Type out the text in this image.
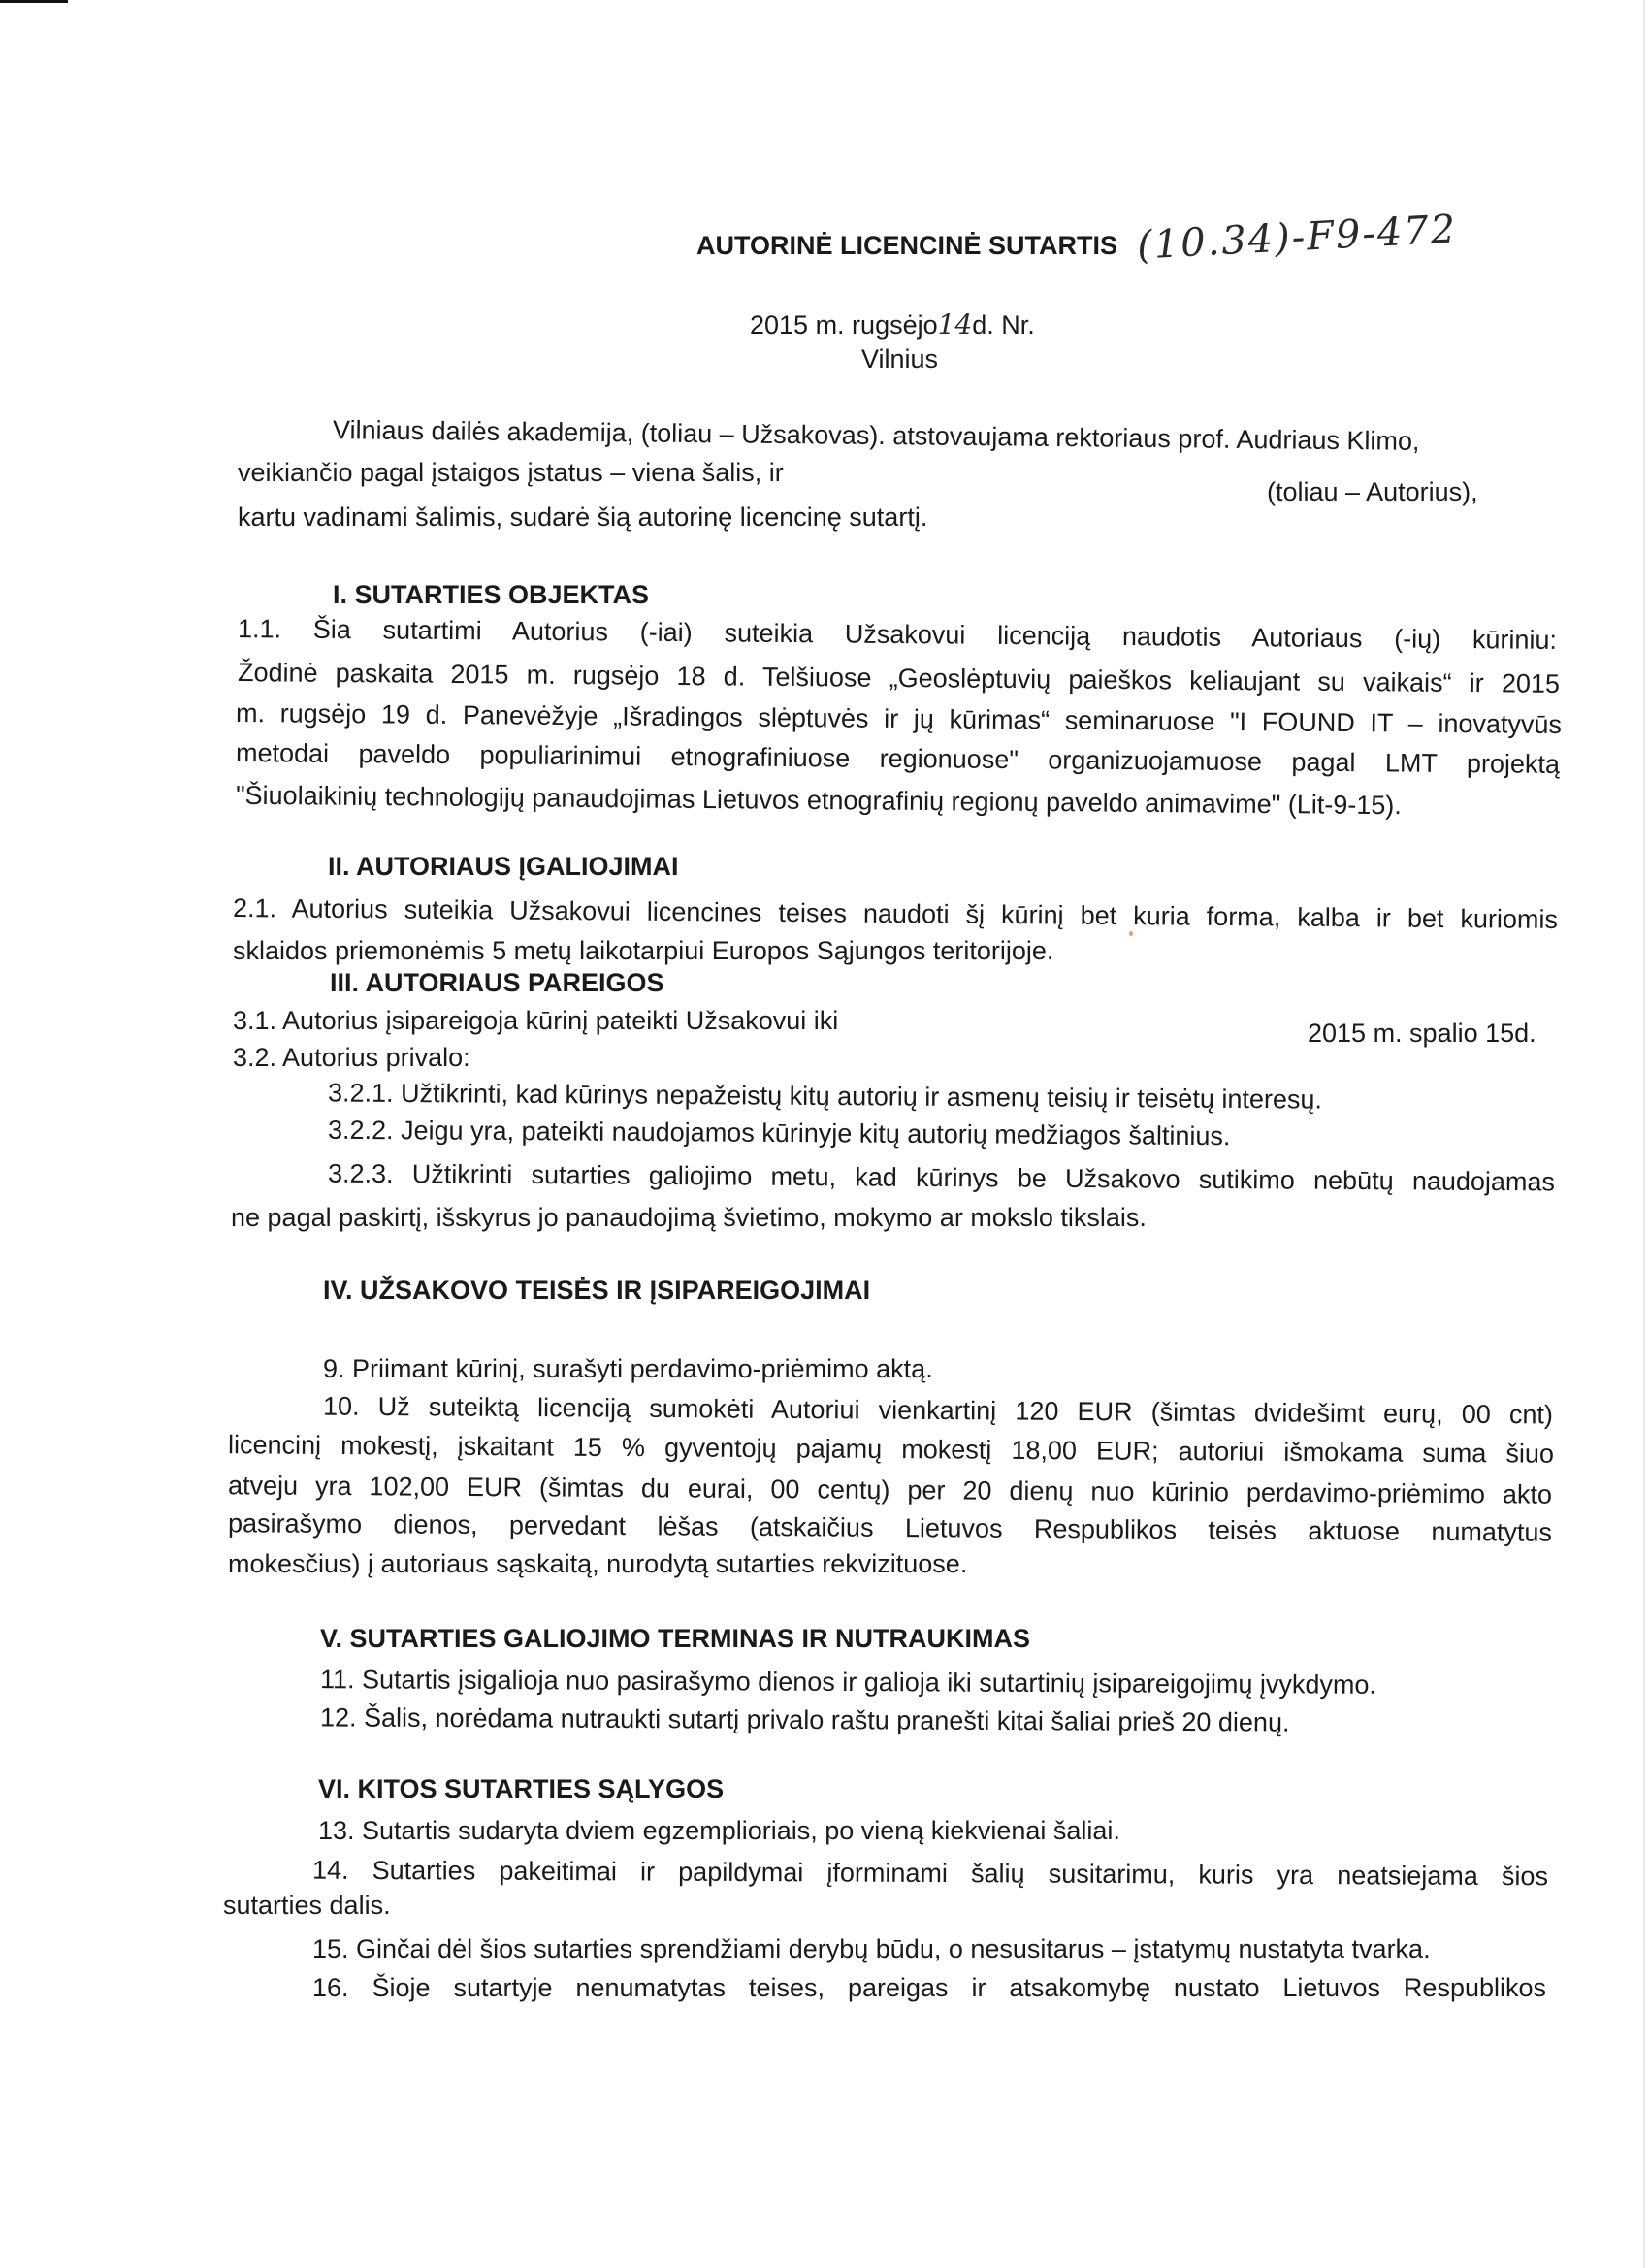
AUTORINĖ LICENCINĖ SUTARTIS (10.34)-F9-472
2015 m. rugsėjo14d. Nr.
Vilnius
Vilniaus dailės akademija, (toliau – Užsakovas). atstovaujama rektoriaus prof. Audriaus Klimo,
veikiančio pagal įstaigos įstatus – viena šalis, ir
(toliau – Autorius),
kartu vadinami šalimis, sudarė šią autorinę licencinę sutartį.
I. SUTARTIES OBJEKTAS
1.1. Šia sutartimi Autorius (-iai) suteikia Užsakovui licenciją naudotis Autoriaus (-ių) kūriniu:
Žodinė paskaita 2015 m. rugsėjo 18 d. Telšiuose „Geoslėptuvių paieškos keliaujant su vaikais“ ir 2015
m. rugsėjo 19 d. Panevėžyje „Išradingos slėptuvės ir jų kūrimas“ seminaruose "I FOUND IT – inovatyvūs
metodai paveldo populiarinimui etnografiniuose regionuose" organizuojamuose pagal LMT projektą
"Šiuolaikinių technologijų panaudojimas Lietuvos etnografinių regionų paveldo animavime" (Lit-9-15).
II. AUTORIAUS ĮGALIOJIMAI
2.1. Autorius suteikia Užsakovui licencines teises naudoti šį kūrinį bet kuria forma, kalba ir bet kuriomis
sklaidos priemonėmis 5 metų laikotarpiui Europos Sąjungos teritorijoje.
III. AUTORIAUS PAREIGOS
3.1. Autorius įsipareigoja kūrinį pateikti Užsakovui iki	2015 m. spalio 15d.
3.2. Autorius privalo:
3.2.1. Užtikrinti, kad kūrinys nepažeistų kitų autorių ir asmenų teisių ir teisėtų interesų.
3.2.2. Jeigu yra, pateikti naudojamos kūrinyje kitų autorių medžiagos šaltinius.
3.2.3. Užtikrinti sutarties galiojimo metu, kad kūrinys be Užsakovo sutikimo nebūtų naudojamas
ne pagal paskirtį, išskyrus jo panaudojimą švietimo, mokymo ar mokslo tikslais.
IV. UŽSAKOVO TEISĖS IR ĮSIPAREIGOJIMAI
9. Priimant kūrinį, surašyti perdavimo-priėmimo aktą.
10. Už suteiktą licenciją sumokėti Autoriui vienkartinį 120 EUR (šimtas dvidešimt eurų, 00 cnt)
licencinį mokestį, įskaitant 15 % gyventojų pajamų mokestį 18,00 EUR; autoriui išmokama suma šiuo
atveju yra 102,00 EUR (šimtas du eurai, 00 centų) per 20 dienų nuo kūrinio perdavimo-priėmimo akto
pasirašymo dienos, pervedant lėšas (atskaičius Lietuvos Respublikos teisės aktuose numatytus
mokesčius) į autoriaus sąskaitą, nurodytą sutarties rekvizituose.
V. SUTARTIES GALIOJIMO TERMINAS IR NUTRAUKIMAS
11. Sutartis įsigalioja nuo pasirašymo dienos ir galioja iki sutartinių įsipareigojimų įvykdymo.
12. Šalis, norėdama nutraukti sutartį privalo raštu pranešti kitai šaliai prieš 20 dienų.
VI. KITOS SUTARTIES SĄLYGOS
13. Sutartis sudaryta dviem egzemplioriais, po vieną kiekvienai šaliai.
14. Sutarties pakeitimai ir papildymai įforminami šalių susitarimu, kuris yra neatsiejama šios
sutarties dalis.
15. Ginčai dėl šios sutarties sprendžiami derybų būdu, o nesusitarus – įstatymų nustatyta tvarka.
16. Šioje sutartyje nenumatytas teises, pareigas ir atsakomybę nustato Lietuvos Respublikos
